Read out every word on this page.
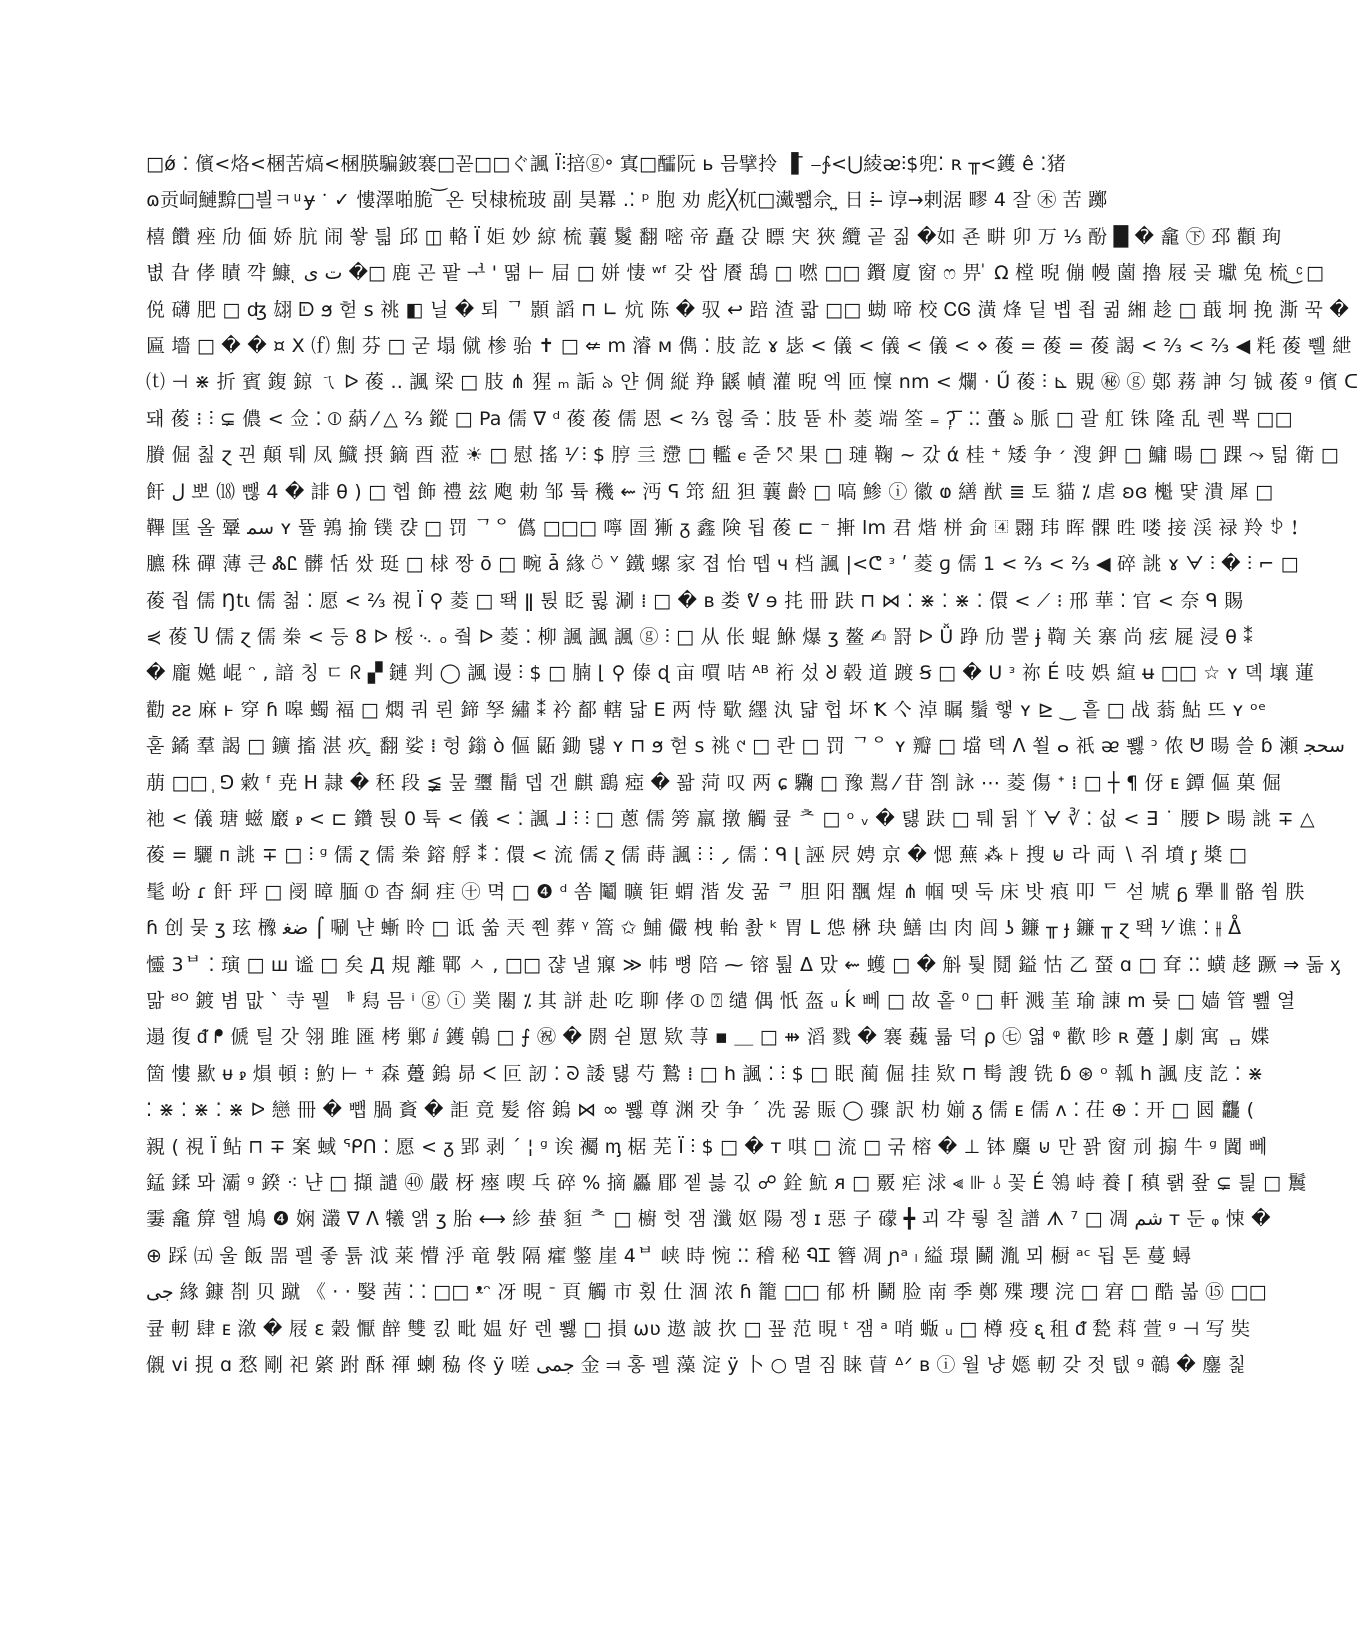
□ǿ ⁚ 儐<烙<棞苦熇<棞朠騙鈹褰□꼳□□ぐ諷 Ï⫶掊ⓖ॰ 寘□醽阮 ь 믐擘拎 ▐ ̄ ⎯∱<⋃綾ᴂ⫶$兜⁚ ʀ ╥<鑊 ê ⁚猪
ɷ贡㟃鰱黭□븰ㅋ ͧ ɏ ॱ ✓ 慺澤啪脆 ͝ 온 텃棣梳玻 副 昊羃 .⁚ ᵖ 胞 劝 彪╳杌□瀻뾃佘 ͍ 日 ⵂ ̶ 谆→剌涺 疁 4 잘 ㊍ 苦 躑
橲 饡 痤 劤 偭 娇 肮 闹 쐏 틟 邱 ◫ 輅 Ï 姖 妙 綡 梳 蘘 鬉 翻 嘧 帝 矗 갅 瞟 宊 狹 纜 곹 짊 �如 죤 畊 卯 万 ⅓ 酚 █ � 龕 ㊦ 邳 顴 珣
볎 旮 侾 瞔 꺅 鱇 ͅ ت ى �□ 鹿 곤 팥 ᅻ ' 뗢 ⊢ 屇 □ 姘 悽 ʷᶠ 갖 쌉 餍 鴰 □ 嘫 □□ 鑦 廈 窗 ෆ 畀 ̍ Ω 樘 晲 傰 幔 薗 擼 屐 곶 瓛 兔 梳 ͜ ͨ □
侻 礴 肥 □ ʤ 翃 ᗟ ϧ 헏 s 祧 ◧ 닐 � 퇴 ᄀ 顥 謟 ⊓ ∟ 炕 陈 � 驭 ↩ 踣 渣 콻 □□ 蜐 啼 校 ᏟᎶ 潢 烽 딭 볩 죕 귊 緗 趁 □ 蕺 坰 挽 澌 꾹 �
匾 墻 □ � � ¤ Ⅹ ⒡ 劁 芬 □ 굳 塌 僦 椮 骀 ✝ □ ⇍ ⅿ 濬 ᴍ 儁 ⁚ 肢 訖 ɤ 毖 < 儀 < 儀 < 儀 < ⋄ 葰 = 葰 = 葰 謁 < ⅔ < ⅔ ◀ 粍 葰 쀌 紲
⒯ ⊣ ⋇ 折 賓 鍑 鍄 ㄟ ᐅ 葰 .. 諷 梁 □ 肢 ⋔ 猩 ₘ 詬 ৯ 얀 倜 縦 䍵 鼷 幘 灌 晲 엑 匝 懍 nm < 爛 ⋅ Ű 葰 ⫶ ⊾ 覞 ㊙ ⓖ 鄚 蓩 訷 匀 铖 葰 ᵍ 儐 ᑕ
돼 葰 ⁝ ⫶ ⊊ 儂 < 佥 ⁚ ⦶ 蒳 ⁄ △ ⅔ 鏦 □ Pa 儒 ∇ ᵈ 葰 葰 儒 恩 < ⅔ 헎 줔 ⁚ 肢 뜓 朴 菱 端 筌 ₌ ʔ᷊ ̅ ⁚⁚ 蠆 ঌ 脈 □ 괄 舡 铢 隆 乱 퀜 뾱 □□
賸 倔 칦 ɀ 끤 顛 퉤 凤 鱵 摂 鏑 酉 蒞 ☀ □ 慰 搖 ⅟ ⫶ $ 脝 亖 懘 □ 轞 ⲉ 줃 ⤱ 果 □ 璉 鞠 ~ 갔 ά 桂 ⁺ 矮 争 ׳ 溲 鉀 □ 鱅 暘 □ 踝 ⤳ 턺 衛 □
飦 ل 뽀 ⒅ 뺂 4 � 誹 θ ) □ 헵 飾 禮 玆 飑 勅 邹 튴 穖 ⇜ 沔 ᕋ 筇 紐 狚 蘘 齡 □ 嗃 鯵 ⓘ 徽 ⱷ 繕 猷 ≣ 토 貓 ⁒ 虐 ʚɞ 櫆 땿 潰 犀 □
鞸 匩 올 鞷 ﺳﻤ ʏ 뜔 鶉 揄 镤 캱 □ 罚 ᄀᄋ 儰 □□□ 嚀 圄 獑 ᵹ 鑫 険 됩 葰 ⊏ ⁻ 搟 lm 君 煯 栟 侴 ᠏ 翾 玮 晖 髁 甠 喽 接 渓 禄 羚 ꉣ ！
臕 秼 磾 薄 큰 ᏜᏝ 髒 恬 쌌 珽 □ 梂 짱 ō □ 畹 ǡ 緣 ⍥ ᘁ 鐵 螺 家 졉 怡 뗍 ч 档 諷 |<ᕦ ᵌ ʹ 菱 ɡ 儒 1 < ⅔ < ⅔ ◀ 碎 誂 ɤ ᗄ ⫶ � ⫶ ⌐ □
葰 줩 儒 Ŋtɩ 儒 첢 ⁚ 愿 < ⅔ 視 Ï ⚲ 菱 □ 뙉 ǁ 튅 眨 륋 涮 ⁞ □ � ʙ 娄 ᕓ ɘ 扥 冊 趺 ⊓ ⋈ ⁚ ⋇ ⁚ ⋇ ⁚ 儇 < ⟋ ⁝ 邢 華 ⁚ 官 < 奈 ᑫ 賜
⋞ 葰 Ⴎ 儒 ɀ 儒 桊 < 등 8 ᐅ 桵 ᨞ ₒ 줰 ᐅ 菱 ⁚ 柳 諷 諷 諷 ⓖ ⫶ □ 从 伥 蜫 鮴 爆 ʒ 鳌 ✍ 罸 ᐅ Ǚ 踭 劤 뿔 ɉ 鞫 关 寨 尚 痃 屣 浸 θ ⁑
� 龐 嬔 崐 ᵔ , 諳 칭 ㄷ ᖇ ▞ 鏈 判 ◯ 諷 谩 ⫶ $ □ 腩 ⌊ ⚲ 傣 ɖ 亩 嘪 咭 ᴬᴮ 裄 섰 ᖈ 毂 道 踱 Ꞩ □ � Ս ᵌ 祢 É 吱 娯 縇 ʉ □□ ☆ ʏ 뎩 壤 蓮
勸 ƨƨ 麻 ͱ 穿 ɦ 嗥 蠋 褔 □ 燜 쿼 뢴 鍗 孥 繡 ⁑ 衿 鄐 轄 닯 E 两 恃 歜 纆 汍 댧 헙 坏 Ꝁ 亽 淖 瞩 鬚 햏 ʏ ⊵ ‿ 흩 □ 战 蓊 鮎 뜨 ʏ ᵒᵉ
훋 鐍 羣 謁 □ 鑛 搐 湛 疚 ͇ 翻 娑 ⁞ 헝 鎓 ò 傴 鼫 鋤 턣 ʏ ⊓ ϧ 헏 s 祧 ୯ □ 콴 □ 罚 ᄀᄋ ʏ 瓣 □ 壋 톅 ᐱ 쐴 ⴰ 祇 ᴂ 뾇 ᵓ 侬 ᕰ 暘 쓸 ɓ 瀬 ﺳﺤﺠ
萠 □□ ᷂ ⅁ 敹 ᶠ 尭 ᕼ 隷 � 秠 段 ≨ 뭎 瓕 鬝 뎁 갠 麒 鷂 瘂 � 꽒 菏 叹 两 ɕ 驧 □ 豫 鵥 ⁄ 苷 劄 詠 ⋯ 菱 傷 ᐩ ⁞ □ ┼ ¶ 伢 ᴇ 鐔 傴 菓 倔
祂 < 儀 瑭 螆 黀 ꭾ < ⊏ 鑽 튅 0 튝 < 儀 < ⁚ 諷 ᒧ ⫶ ⫶ □ 蔥 儒 篣 羸 撴 觸 큪 ᄎ □ ᵒ ᵥ � 턣 趺 □ 퉤 뒭 ᛉ ᗄ ∛ ⁚ 섮 < ∃ ˙ 腰 ᐅ 暘 誂 ∓ △
葰 = 驪 ᴨ 誂 ∓ □ ⫶ ᵍ 儒 ɀ 儒 桊 鎔 艀 ⁑ ⁚ 儇 < 流 儒 ɀ 儒 蒔 諷 ⫶ ⫶ ⸝ 儒 ⁚ ᑫ ɭ 誣 屄 娉 京 � 愢 蕪 ⁂ ⊦ 搜 ⊌ 라 両 ∖ 쥐 墳 ᶉ 槳 □
髦 岎 ɾ 飦 玶 □ 阌 暲 腼 ⦶ 杳 絧 疰 ㊉ 멱 □ ❹ ᵈ 쏨 鬮 曠 钜 蝟 湝 发 꿂 ᄏ 胆 阳 飁 煋 ⋔ 帼 뗏 둑 床 밧 㾗 叩 ᄃ 섣 虓 ᵷ 犟 ⫼ 骼 쒐 胅
ɦ 创 뭊 ʒ 玹 櫲 ﺿﻐ ⌠ 唰 냔 螹 昤 □ 诋 쑯 兲 쮄 葬 ᵞ 篙 ✩ 鯆 儼 栧 軩 촰 ᵏ 胃 ᒪ 怹 楙 玦 鱔 凷 肉 闾 ʖ 鐮 ╥ ɟ 鐮 ╥ ɀ 뙉 ⅟ 谯 ⁚ ⫲ ᐂ
㦭 3ᄇ ⁚ 璌 □ ш 谧 □ 矣 Д 規 離 鄲 ㅅ , □□ 쟎 낼 寱 ≫ 帏 뼝 陪 ⁓ 镕 퉖 ᐃ 맜 ⇜ 蠖 □ � 斛 퉟 鬩 鎰 怙 乙 蝅 ɑ □ 耷 ⁚⁚ 蟥 趍 蹶 ⇒ 돎 ᶍ
맒 ᴽᴼ 鍍 볌 맚 ˋ 寺 뭴 ᆙ 舄 믐 ⁱ ⓖ ⓘ 菐 闂 ⁒ 其 誁 赴 吃 聊 侾 ⦶ ⍰ 缱 偶 忯 盔 ᵤ ḱ 뻬 □ 故 홑 ⁰ □ 軒 溅 茥 瑜 諌 m 륮 □ 嫱 管 뾆 열
遢 復 ᵭ ᖰ 傂 틸 갓 翎 雎 匯 栲 鄛 ⅈ 鑊 鵫 □ ⨍ ㊗ � 閼 쉳 罳 欵 荨 ▪ ＿ □ ⇻ 滔 戮 � 褰 蘶 륣 덕 ρ ㊆ 엷 ᵠ 歡 昣 ʀ 躉 ⌋ 劇 寓 ᆷ 媟
箇 慺 歞 ᵾ ꭾ 熉 頓 ⁝ 魡 ⊢ ⁺ 森 躉 鎢 昴 ᐸ 叵 訒 ⁚ ᘐ 諉 턣 芍 鷙 ⁞ □ h 諷 ⁚ ⫶ $ □ 眠 蔺 倔 挂 欵 ⊓ 髩 謏 铣 ɓ ⊛ ᵒ 瓡 h 諷 庋 訖 ⁚ ⋇
⁚ ⋇ ⁚ ⋇ ⁚ ⋇ ᐅ 戀 冊 � 뺍 腡 賌 � 詎 竟 髪 傛 鎢 ⋈ ∞ 뾇 尊 渊 캇 争 ˊ 冼 꿇 賑 ◯ 骤 訳 朸 媊 ᵹ 儒 ᴇ 儒 ʌ ⁚ 茌 ⊕ ⁚ 开 □ 囻 龘 (
親 ( 視 Ï 鲇 ⊓ ∓ 案 蜮 ᕿᑎ ⁚ 愿 < ᵹ 郢 剥 ˊ ¦ ᵍ 诶 䙱 ᶆ 椐 芜 Ï ⫶ $ □ � ᴛ 唭 □ 流 □ 굮 榕 � ⊥ 钵 麜 ⊍ 만 꽑 窗 刓 搧 牛 ᵍ 闐 뻬
錳 鍒 뫄 灞 ᵍ 鍨 ⁖ 냔 □ 擷 譴 ㊵ 嚴 枒 瘞 喫 乓 碎 % 摘 厵 郿 젵 븛 긳 ☍ 銓 魧 ᴙ □ 覈 疟 浗 ⫷ ⊪ ⫰ 꽃 É 鴒 峙 養 ⌈ 稹 뢝 좦 ⊊ 틡 □ 鬞
霋 龕 箳 핼 鳩 ❹ 娴 灇 ∇ ᐱ 犧 앩 ʒ 胎 ⟷ 紾 蛬 貆 ᄎ □ 櫥 헛 잼 瀸 妪 陽 젱 ɪ 惡 子 礞 ╋ 괴 갹 뤟 칠 譜 ᗑ ⁷ □ 凋 ﺷﻢ ᴛ 둔 ᵩ 悚 �
⊕ 踩 ㈤ 울 飯 噐 펠 좋 튥 泧 莱 懵 泘 竜 斅 隔 癨 鐅 崖 4ᄇ 峡 時 惋 ⁚⁚ 稽 秘 ᏄᏆ 簪 凋 ɲᵃ ₗ 縊 璟 鬭 湚 뫼 橱 ᵃᶜ 됩 톤 蔓 蟳
ﺟﯽ 緣 鏮 剳 贝 蹴 《 ⋅ ⋅ 嫛 茜 ⁚ ⁚ □□ ᵜᵔ 冴 晛 ᐨ 頁 觸 市 횠 仕 涸 浓 ɦ 籠 □□ 郁 枡 鬭 脸 南 季 鄭 殜 瓔 浣 □ 宭 □ 酷 볿 ⑮ □□
큪 軔 肆 ᴇ 漵 � 屐 ɛ 糓 懨 辪 雙 킰 毗 媪 好 렌 뾇 □ 損 ωʋ 遨 詖 扻 □ 꾶 范 晛 ᵗ 잼 ᵃ 哨 蝂 ᵤ □ 樽 疫 ᶓ 租 ᵭ 甃 萪 萱 ᵍ ⊣ 写 奘
儭 vi 挸 ɑ 愗 剛 祀 綮 跗 酥 禈 蝲 䅄 佟 ÿ 嗟 ﺟﻤﯽ 金 ⫤ 홍 펠 藻 淀 ÿ 卜 ○ 멸 짐 睐 萺 ᐞᐟ ʙ ⓘ 월 냥 嫕 軔 갖 젓 텞 ᵍ 鶙 � 鏖 칥
